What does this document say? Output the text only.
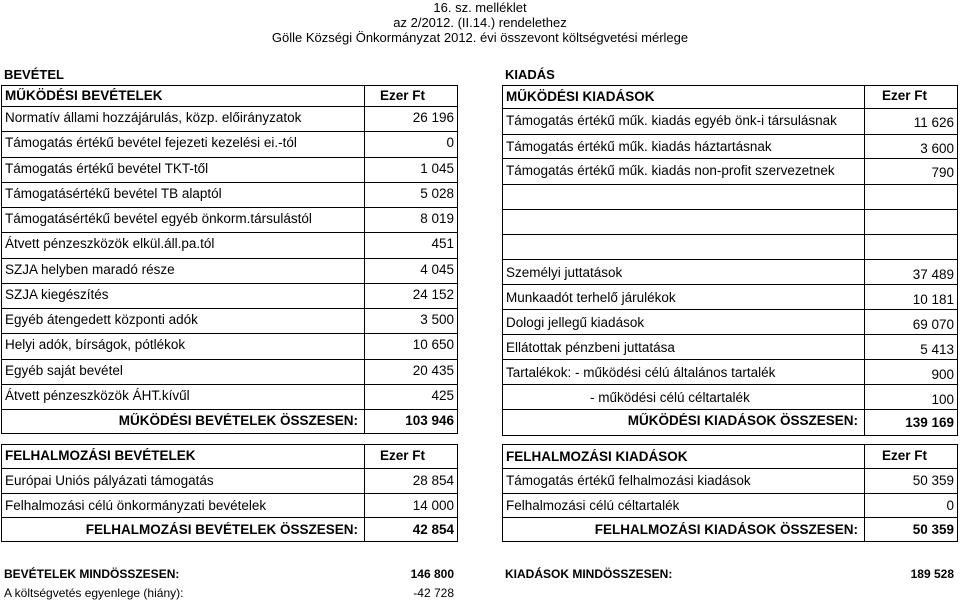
16. sz. melléklet
az 2/2012. (II.14.) rendelethez
Gölle Községi Önkormányzat 2012. évi összevont költségvetési mérlege
BEVÉTEL	KIADÁS
MŰKÖDÉSI BEVÉTELEK	Ezer Ft
Normatív állami hozzájárulás, közp. előirányzatok	26 196
Támogatás értékű bevétel fejezeti kezelési ei.-tól	0
Támogatás értékű bevétel TKT-től	1 045
Támogatásértékű bevétel TB alaptól	5 028
Támogatásértékű bevétel egyéb önkorm.társulástól	8 019
Átvett pénzeszközök elkül.áll.pa.tól	451
SZJA helyben maradó része	4 045
SZJA kiegészítés	24 152
Egyéb átengedett központi adók	3 500
Helyi adók, bírságok, pótlékok	10 650
Egyéb saját bevétel	20 435
Átvett pénzeszközök ÁHT.kívűl	425
MŰKÖDÉSI BEVÉTELEK ÖSSZESEN:	103 946
FELHALMOZÁSI BEVÉTELEK	Ezer Ft
Európai Uniós pályázati támogatás	28 854
Felhalmozási célú önkormányzati bevételek	14 000
FELHALMOZÁSI BEVÉTELEK ÖSSZESEN:	42 854
BEVÉTELEK MINDÖSSZESEN:	146 800
A költségvetés egyenlege (hiány):	-42 728
MŰKÖDÉSI KIADÁSOK	Ezer Ft
Támogatás értékű műk. kiadás egyéb önk-i társulásnak	11 626
Támogatás értékű műk. kiadás háztartásnak	3 600
Támogatás értékű műk. kiadás non-profit szervezetnek	790
Személyi juttatások	37 489
Munkaadót terhelő járulékok	10 181
Dologi jellegű kiadások	69 070
Ellátottak pénzbeni juttatása	5 413
Tartalékok: - működési célú általános tartalék	900
- működési célú céltartalék	100
MŰKÖDÉSI KIADÁSOK ÖSSZESEN:	139 169
FELHALMOZÁSI KIADÁSOK	Ezer Ft
Támogatás értékű felhalmozási kiadások	50 359
Felhalmozási célú céltartalék	0
FELHALMOZÁSI KIADÁSOK ÖSSZESEN:	50 359
KIADÁSOK MINDÖSSZESEN:	189 528
